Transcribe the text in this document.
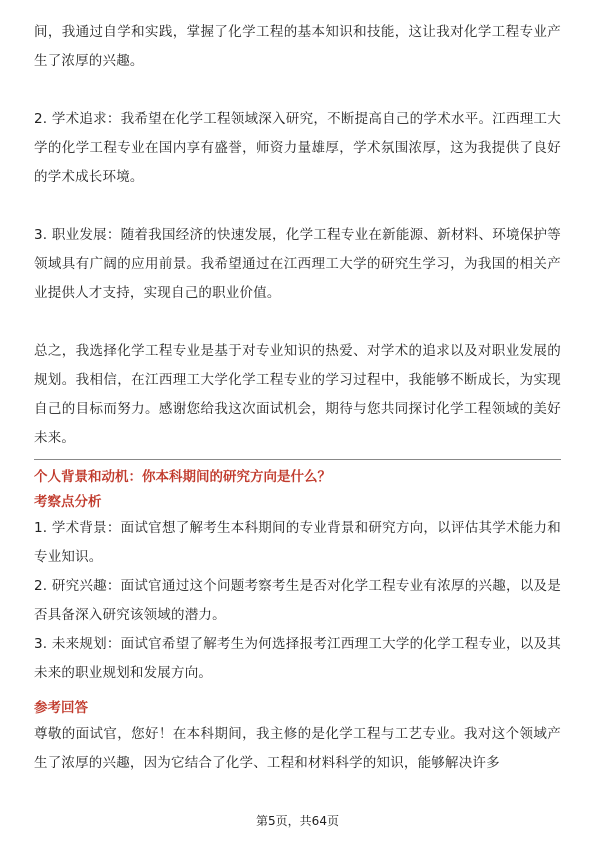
间，我通过自学和实践，掌握了化学工程的基本知识和技能，这让我对化学工程专业产生了浓厚的兴趣。

2. 学术追求：我希望在化学工程领域深入研究，不断提高自己的学术水平。江西理工大学的化学工程专业在国内享有盛誉，师资力量雄厚，学术氛围浓厚，这为我提供了良好的学术成长环境。

3. 职业发展：随着我国经济的快速发展，化学工程专业在新能源、新材料、环境保护等领域具有广阔的应用前景。我希望通过在江西理工大学的研究生学习，为我国的相关产业提供人才支持，实现自己的职业价值。

总之，我选择化学工程专业是基于对专业知识的热爱、对学术的追求以及对职业发展的规划。我相信，在江西理工大学化学工程专业的学习过程中，我能够不断成长，为实现自己的目标而努力。感谢您给我这次面试机会，期待与您共同探讨化学工程领域的美好未来。

个人背景和动机：你本科期间的研究方向是什么？

考察点分析

1. 学术背景：面试官想了解考生本科期间的专业背景和研究方向，以评估其学术能力和专业知识。

2. 研究兴趣：面试官通过这个问题考察考生是否对化学工程专业有浓厚的兴趣，以及是否具备深入研究该领域的潜力。

3. 未来规划：面试官希望了解考生为何选择报考江西理工大学的化学工程专业，以及其未来的职业规划和发展方向。

参考回答

尊敬的面试官，您好！在本科期间，我主修的是化学工程与工艺专业。我对这个领域产生了浓厚的兴趣，因为它结合了化学、工程和材料科学的知识，能够解决许多

第5页，共64页
